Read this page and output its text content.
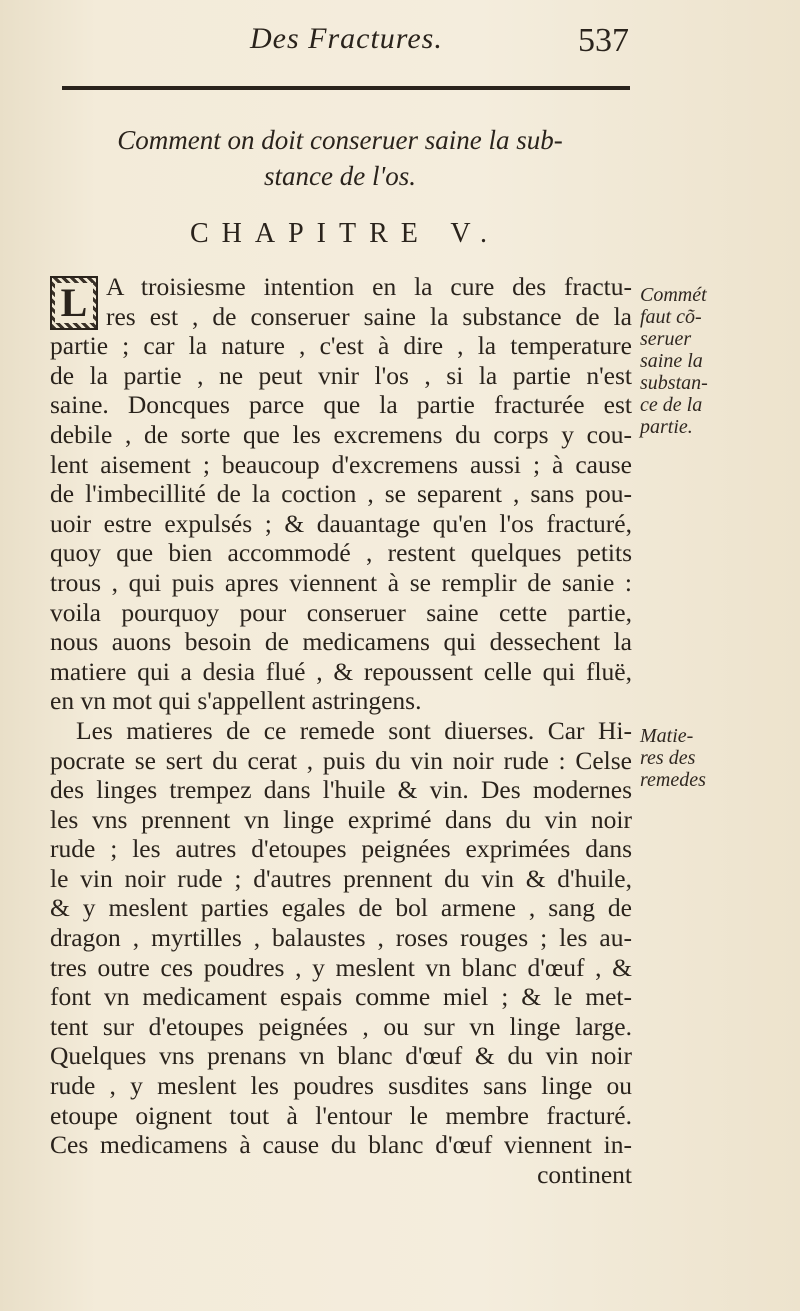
Des Fractures.	537
Comment on doit conseruer saine la sub-
stance de l'os.
CHAPITRE V.
L A troisiesme intention en la cure des fractu-
res est , de conseruer saine la substance de la
partie ; car la nature , c'est à dire , la temperature
de la partie , ne peut vnir l'os , si la partie n'est
saine. Doncques parce que la partie fracturée est
debile , de sorte que les excremens du corps y cou-
lent aisement ; beaucoup d'excremens aussi ; à cause
de l'imbecillité de la coction , se separent , sans pou-
uoir estre expulsés ; & dauantage qu'en l'os fracturé,
quoy que bien accommodé , restent quelques petits
trous , qui puis apres viennent à se remplir de sanie :
voila pourquoy pour conseruer saine cette partie,
nous auons besoin de medicamens qui dessechent la
matiere qui a desia flué , & repoussent celle qui fluë,
en vn mot qui s'appellent astringens.
Les matieres de ce remede sont diuerses. Car Hi-
pocrate se sert du cerat , puis du vin noir rude : Celse
des linges trempez dans l'huile & vin. Des modernes
les vns prennent vn linge exprimé dans du vin noir
rude ; les autres d'etoupes peignées exprimées dans
le vin noir rude ; d'autres prennent du vin & d'huile,
& y meslent parties egales de bol armene , sang de
dragon , myrtilles , balaustes , roses rouges ; les au-
tres outre ces poudres , y meslent vn blanc d'œuf , &
font vn medicament espais comme miel ; & le met-
tent sur d'etoupes peignées , ou sur vn linge large.
Quelques vns prenans vn blanc d'œuf & du vin noir
rude , y meslent les poudres susdites sans linge ou
etoupe oignent tout à l'entour le membre fracturé.
Ces medicamens à cause du blanc d'œuf viennent in-
continent
Commét
faut cõ-
seruer
saine la
substan-
ce de la
partie.
Matie-
res des
remedes
